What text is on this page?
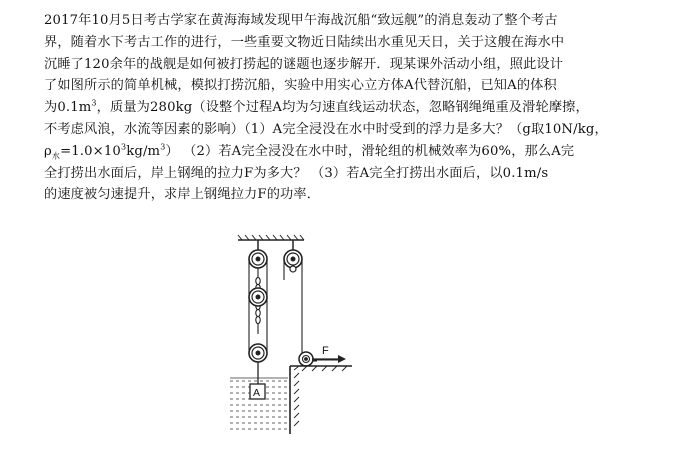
2017年10月5日考古学家在黄海海域发现甲午海战沉船“致远舰”的消息轰动了整个考古
界，随着水下考古工作的进行，一些重要文物近日陆续出水重见天日，关于这艘在海水中
沉睡了120余年的战舰是如何被打捞起的谜题也逐步解开．现某课外活动小组，照此设计
了如图所示的简单机械，模拟打捞沉船，实验中用实心立方体A代替沉船，已知A的体积
为$0.1m^3$，质量为280kg（设整个过程A均为匀速直线运动状态，忽略钢绳绳重及滑轮摩擦，
不考虑风浪，水流等因素的影响）（1）A完全浸没在水中时受到的浮力是多大？（g取10N/kg，
$\rho_水=1.0\times 10^3kg/m^3$） （2）若A完全浸没在水中时，滑轮组的机械效率为60%，那么A完
全打捞出水面后，岸上钢绳的拉力F为多大？ （3）若A完全打捞出水面后，以0.1m/s
的速度被匀速提升，求岸上钢绳拉力F的功率．
F
A
